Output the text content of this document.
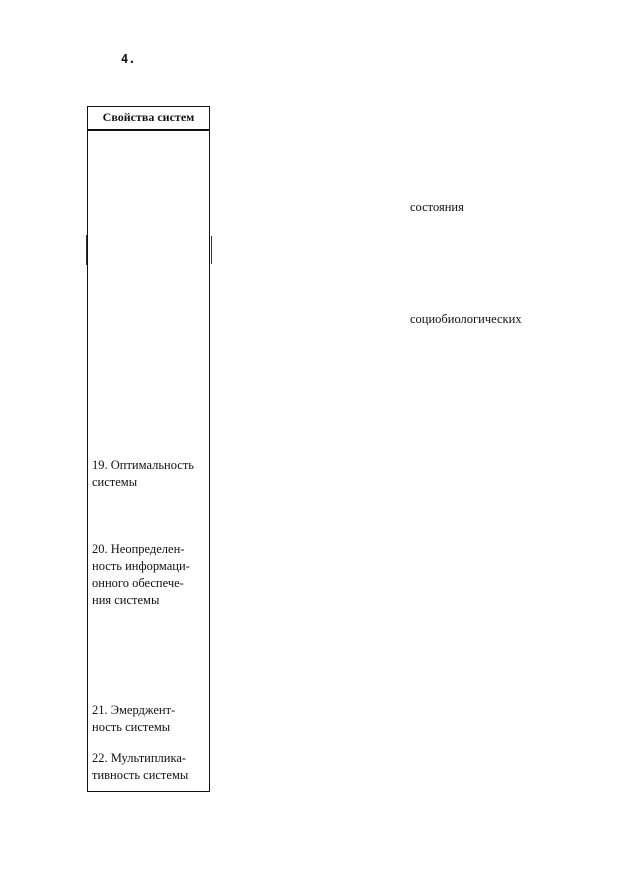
4.
Свойства систем
19. Оптимальность
системы
20. Неопределен-
ность информаци-
онного обеспече-
ния системы
21. Эмерджент-
ность системы
22. Мультиплика-
тивность системы
состояния
социобиологических
